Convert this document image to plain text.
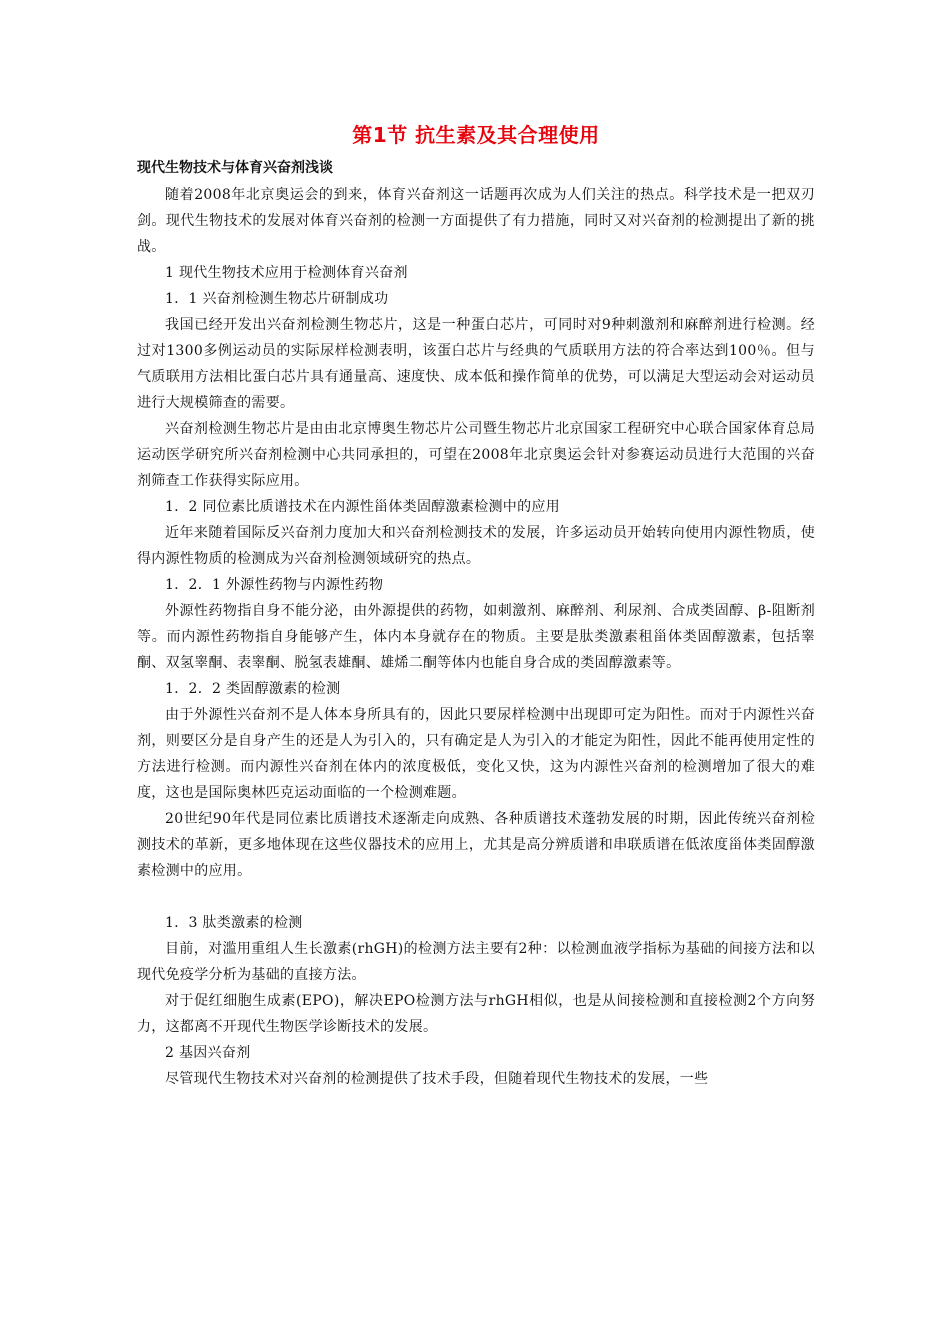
第1节 抗生素及其合理使用
现代生物技术与体育兴奋剂浅谈

随着2008年北京奥运会的到来，体育兴奋剂这一话题再次成为人们关注的热点。科学技术是一把双刃剑。现代生物技术的发展对体育兴奋剂的检测一方面提供了有力措施，同时又对兴奋剂的检测提出了新的挑战。

1 现代生物技术应用于检测体育兴奋剂

1．1 兴奋剂检测生物芯片研制成功

我国已经开发出兴奋剂检测生物芯片，这是一种蛋白芯片，可同时对9种刺激剂和麻醉剂进行检测。经过对1300多例运动员的实际尿样检测表明，该蛋白芯片与经典的气质联用方法的符合率达到100％。但与气质联用方法相比蛋白芯片具有通量高、速度快、成本低和操作简单的优势，可以满足大型运动会对运动员进行大规模筛查的需要。

兴奋剂检测生物芯片是由由北京博奥生物芯片公司暨生物芯片北京国家工程研究中心联合国家体育总局运动医学研究所兴奋剂检测中心共同承担的，可望在2008年北京奥运会针对参赛运动员进行大范围的兴奋剂筛查工作获得实际应用。

1．2 同位素比质谱技术在内源性甾体类固醇激素检测中的应用

近年来随着国际反兴奋剂力度加大和兴奋剂检测技术的发展，许多运动员开始转向使用内源性物质，使得内源性物质的检测成为兴奋剂检测领域研究的热点。

1．2．1 外源性药物与内源性药物

外源性药物指自身不能分泌，由外源提供的药物，如刺激剂、麻醉剂、利尿剂、合成类固醇、β-阻断剂等。而内源性药物指自身能够产生，体内本身就存在的物质。主要是肽类激素租甾体类固醇激素，包括睾酮、双氢睾酮、表睾酮、脱氢表雄酮、雄烯二酮等体内也能自身合成的类固醇激素等。

1．2．2 类固醇激素的检测

由于外源性兴奋剂不是人体本身所具有的，因此只要尿样检测中出现即可定为阳性。而对于内源性兴奋剂，则要区分是自身产生的还是人为引入的，只有确定是人为引入的才能定为阳性，因此不能再使用定性的方法进行检测。而内源性兴奋剂在体内的浓度极低，变化又快，这为内源性兴奋剂的检测增加了很大的难度，这也是国际奥林匹克运动面临的一个检测难题。

20世纪90年代是同位素比质谱技术逐渐走向成熟、各种质谱技术蓬勃发展的时期，因此传统兴奋剂检测技术的革新，更多地体现在这些仪器技术的应用上，尤其是高分辨质谱和串联质谱在低浓度甾体类固醇激素检测中的应用。

1．3 肽类激素的检测

目前，对滥用重组人生长激素(rhGH)的检测方法主要有2种：以检测血液学指标为基础的间接方法和以现代免疫学分析为基础的直接方法。

对于促红细胞生成素(EPO)，解决EPO检测方法与rhGH相似，也是从间接检测和直接检测2个方向努力，这都离不开现代生物医学诊断技术的发展。

2 基因兴奋剂

尽管现代生物技术对兴奋剂的检测提供了技术手段，但随着现代生物技术的发展，一些
